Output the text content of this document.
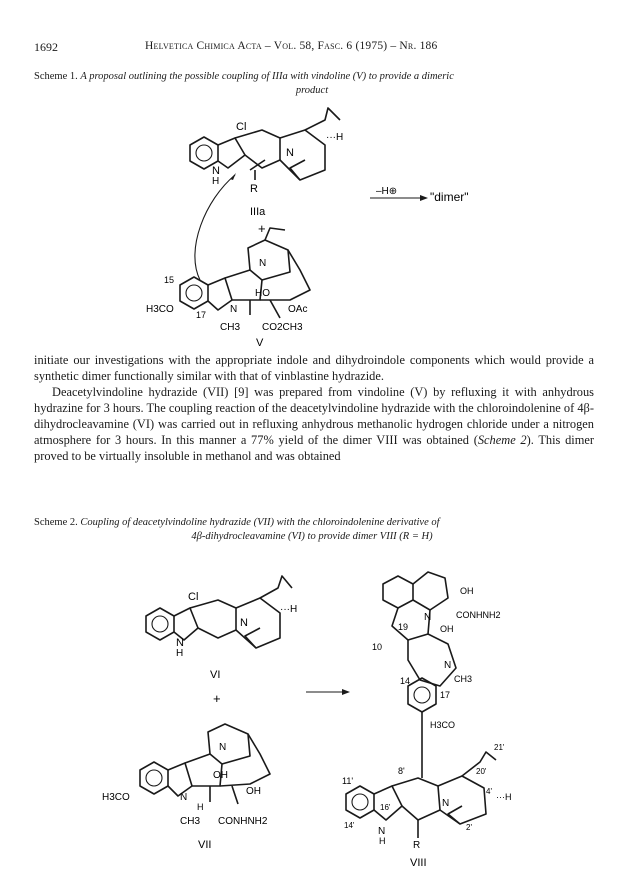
1692	Helvetica Chimica Acta – Vol. 58, Fasc. 6 (1975) – Nr. 186
Scheme 1. A proposal outlining the possible coupling of IIIa with vindoline (V) to provide a dimeric
product
Cl
N
N
H
R
···H
IIIa
+
–H⊕	"dimer"
15
H3CO 17 N
N
HO
OAc
CH3 CO2CH3
V

initiate our investigations with the appropriate indole and dihydroindole components which would provide a synthetic dimer functionally similar with that of vinblastine hydrazide.

Deacetylvindoline hydrazide (VII) [9] was prepared from vindoline (V) by refluxing it with anhydrous hydrazine for 3 hours. The coupling reaction of the deacetylvindoline hydrazide with the chloroindolenine of 4β-dihydrocleavamine (VI) was carried out in refluxing anhydrous methanolic hydrogen chloride under a nitrogen atmosphere for 3 hours. In this manner a 77% yield of the dimer VIII was obtained (Scheme 2). This dimer proved to be virtually insoluble in methanol and was obtained

Scheme 2. Coupling of deacetylvindoline hydrazide (VII) with the chloroindolenine derivative of
4β-dihydrocleavamine (VI) to provide dimer VIII (R = H)
Cl
N
N
H
···H
VI
+
H3CO	N
N
OH
OH
H
CH3 CONHNH2
VII
10
19
N
OH
N
OH
CONHNH2
CH3
14
17
H3CO
11'
8'
16'
14'
N
H
N
R
20'
21'
4'
···H
2'
VIII
